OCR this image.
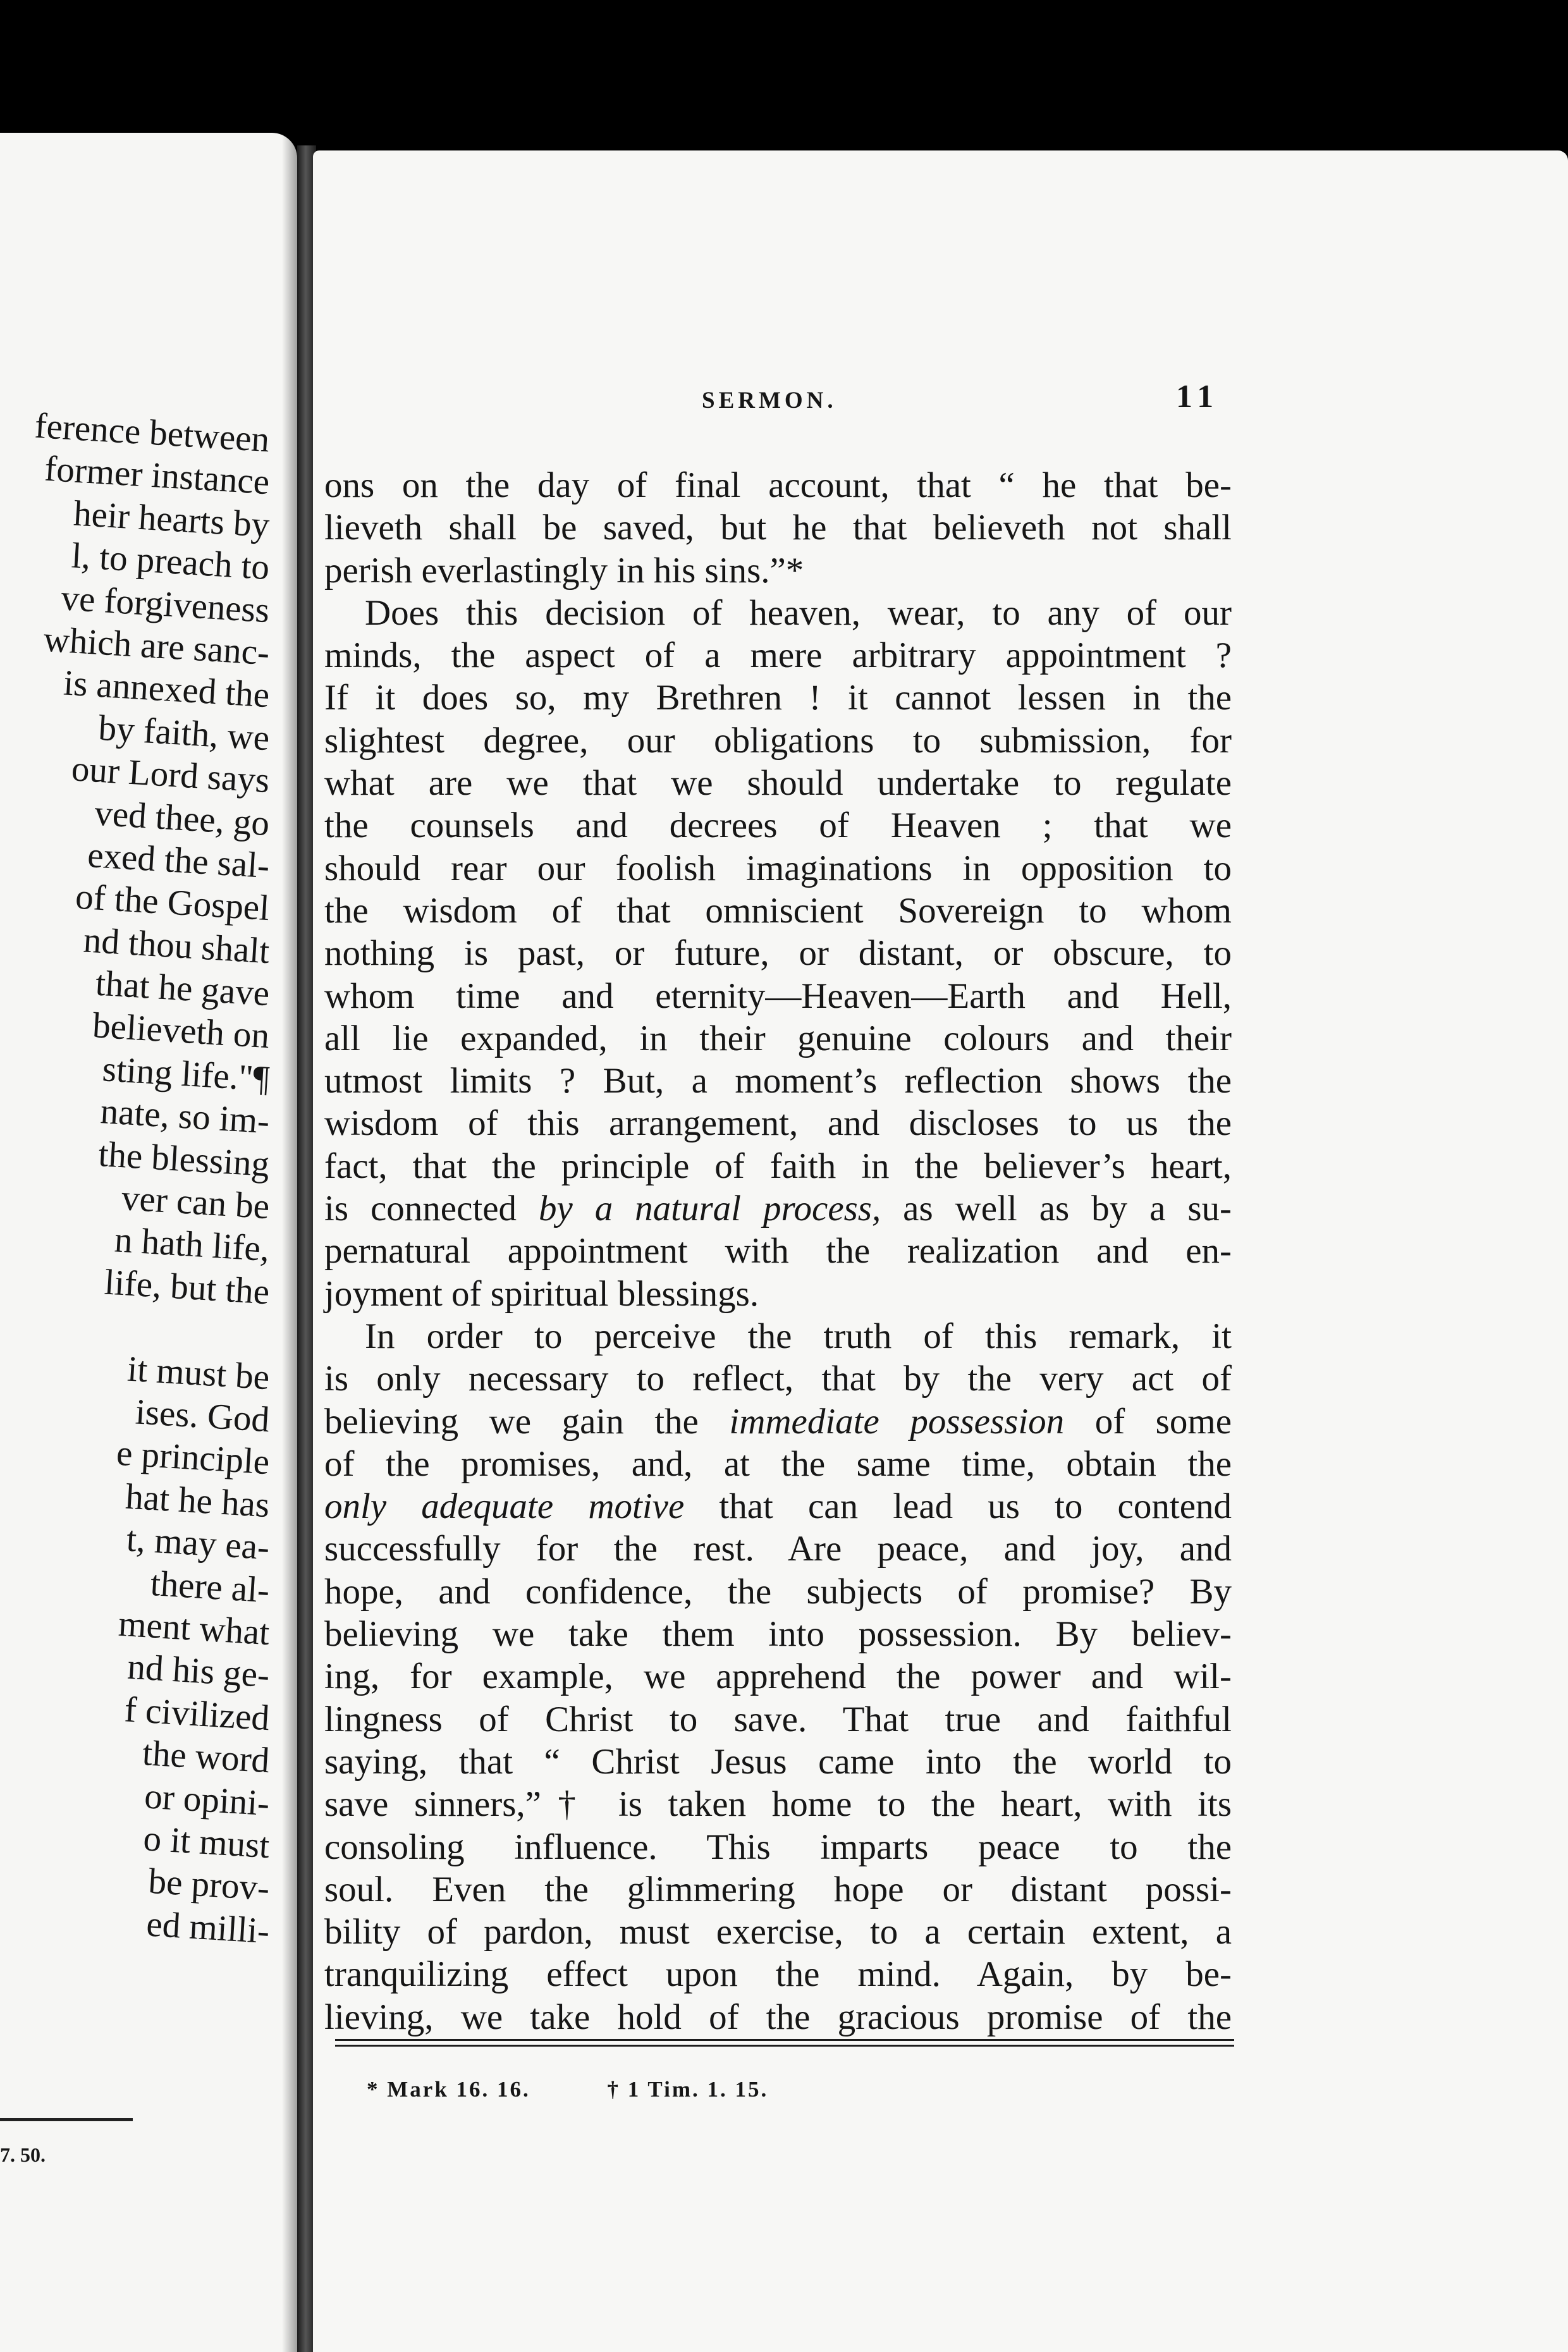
ference between
former instance
heir hearts by
l, to preach to
ve forgiveness
which are sanc-
is annexed the
by faith, we
our Lord says
ved thee, go
exed the sal-
of the Gospel
nd thou shalt
that he gave
believeth on
sting life."¶
nate, so im-
the blessing
ver can be
n hath life,
life, but the
it must be
ises. God
e principle
hat he has
t, may ea-
there al-
ment what
nd his ge-
f civilized
the word
or opini-
o it must
be prov-
ed milli-
7. 50.
SERMON.	11
ons on the day of final account, that “ he that be-
lieveth shall be saved, but he that believeth not shall
perish everlastingly in his sins.”*
Does this decision of heaven, wear, to any of our
minds, the aspect of a mere arbitrary appointment ?
If it does so, my Brethren ! it cannot lessen in the
slightest degree, our obligations to submission, for
what are we that we should undertake to regulate
the counsels and decrees of Heaven ; that we
should rear our foolish imaginations in opposition to
the wisdom of that omniscient Sovereign to whom
nothing is past, or future, or distant, or obscure, to
whom time and eternity—Heaven—Earth and Hell,
all lie expanded, in their genuine colours and their
utmost limits ? But, a moment’s reflection shows the
wisdom of this arrangement, and discloses to us the
fact, that the principle of faith in the believer’s heart,
is connected by a natural process, as well as by a su-
pernatural appointment with the realization and en-
joyment of spiritual blessings.
In order to perceive the truth of this remark, it
is only necessary to reflect, that by the very act of
believing we gain the immediate possession of some
of the promises, and, at the same time, obtain the
only adequate motive that can lead us to contend
successfully for the rest. Are peace, and joy, and
hope, and confidence, the subjects of promise? By
believing we take them into possession. By believ-
ing, for example, we apprehend the power and wil-
lingness of Christ to save. That true and faithful
saying, that “ Christ Jesus came into the world to
save sinners,”† is taken home to the heart, with its
consoling influence. This imparts peace to the
soul. Even the glimmering hope or distant possi-
bility of pardon, must exercise, to a certain extent, a
tranquilizing effect upon the mind. Again, by be-
lieving, we take hold of the gracious promise of the
* Mark 16. 16.	† 1 Tim. 1. 15.
